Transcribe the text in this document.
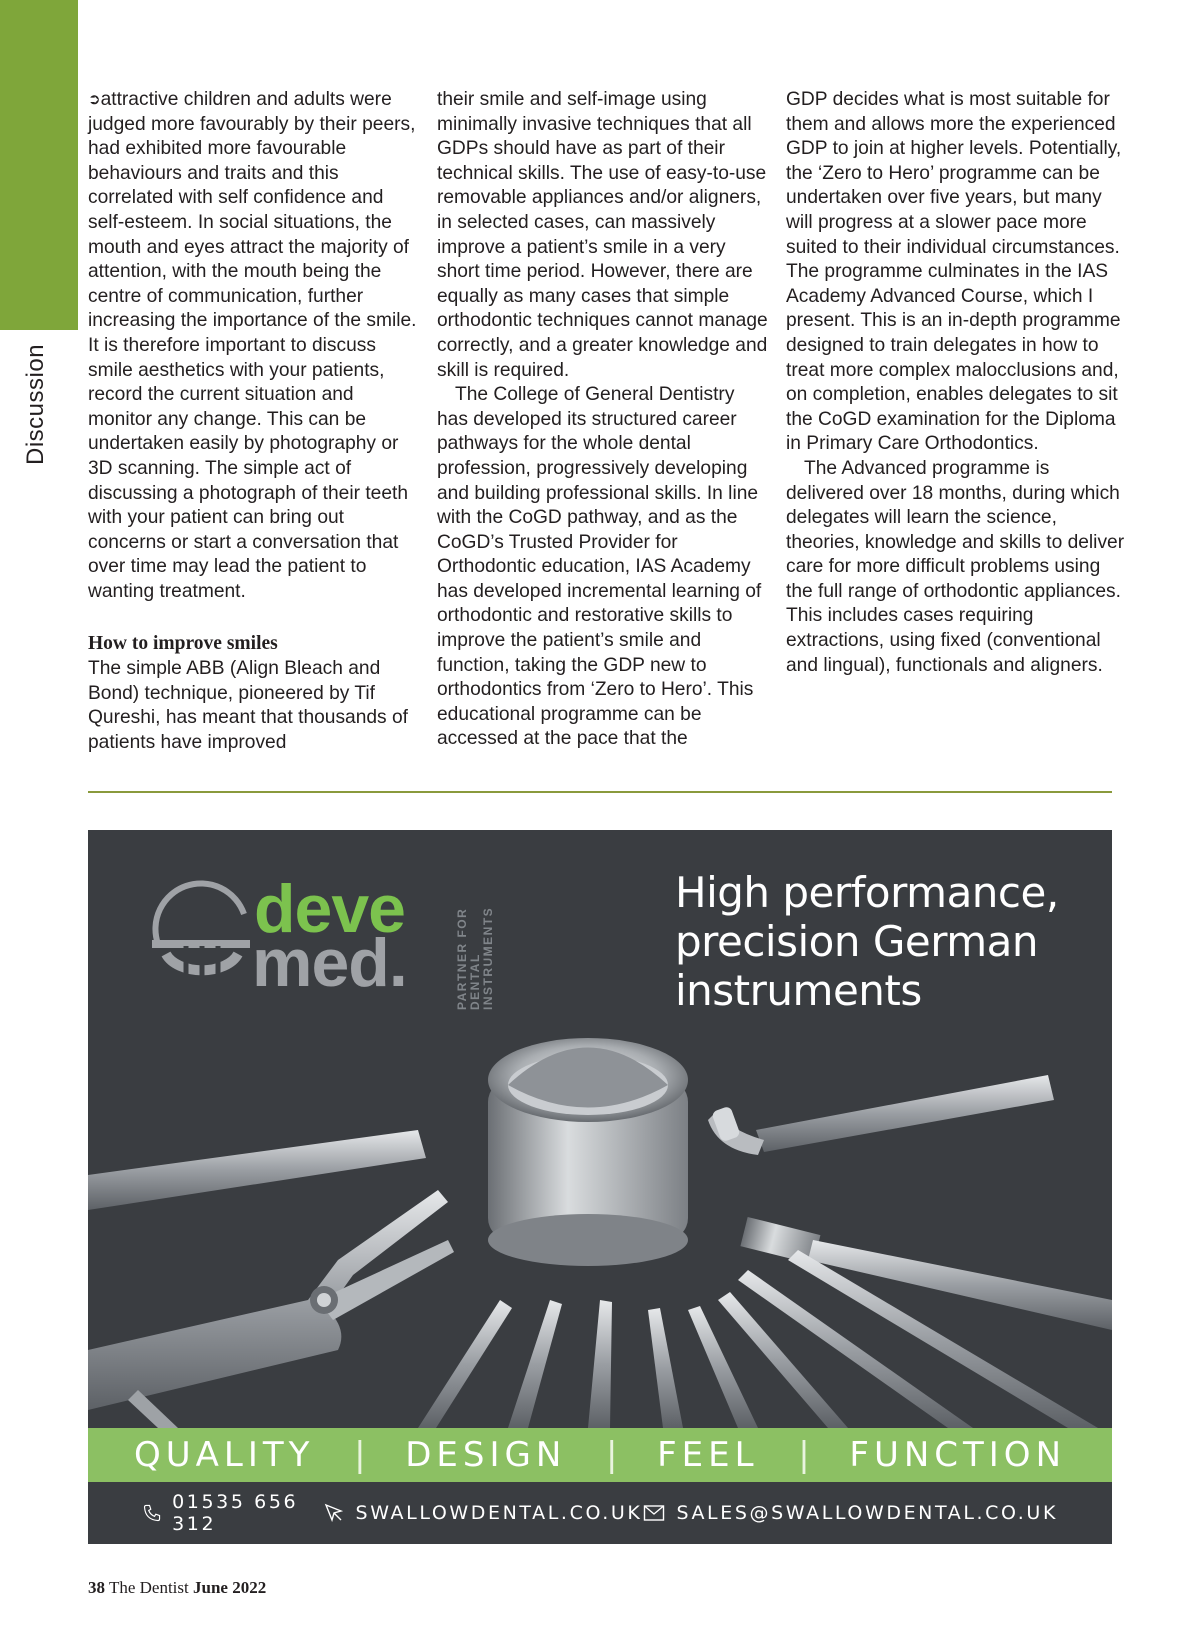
Discussion

➲attractive children and adults were judged more favourably by their peers, had exhibited more favourable behaviours and traits and this correlated with self confidence and self-esteem. In social situations, the mouth and eyes attract the majority of attention, with the mouth being the centre of communication, further increasing the importance of the smile. It is therefore important to discuss smile aesthetics with your patients, record the current situation and monitor any change. This can be undertaken easily by photography or 3D scanning. The simple act of discussing a photograph of their teeth with your patient can bring out concerns or start a conversation that over time may lead the patient to wanting treatment.

How to improve smiles

The simple ABB (Align Bleach and Bond) technique, pioneered by Tif Qureshi, has meant that thousands of patients have improved

their smile and self-image using minimally invasive techniques that all GDPs should have as part of their technical skills. The use of easy-to-use removable appliances and/or aligners, in selected cases, can massively improve a patient’s smile in a very short time period. However, there are equally as many cases that simple orthodontic techniques cannot manage correctly, and a greater knowledge and skill is required.

The College of General Dentistry has developed its structured career pathways for the whole dental profession, progressively developing and building professional skills. In line with the CoGD pathway, and as the CoGD’s Trusted Provider for Orthodontic education, IAS Academy has developed incremental learning of orthodontic and restorative skills to improve the patient’s smile and function, taking the GDP new to orthodontics from ‘Zero to Hero’. This educational programme can be accessed at the pace that the

GDP decides what is most suitable for them and allows more the experienced GDP to join at higher levels. Potentially, the ‘Zero to Hero’ programme can be undertaken over five years, but many will progress at a slower pace more suited to their individual circumstances. The programme culminates in the IAS Academy Advanced Course, which I present. This is an in-depth programme designed to train delegates in how to treat more complex malocclusions and, on completion, enables delegates to sit the CoGD examination for the Diploma in Primary Care Orthodontics.

The Advanced programme is delivered over 18 months, during which delegates will learn the science, theories, knowledge and skills to deliver care for more difficult problems using the full range of orthodontic appliances. This includes cases requiring extractions, using fixed (conventional and lingual), functionals and aligners.

deve
med.	PARTNER FOR DENTAL INSTRUMENTS
High performance, precision German instruments
QUALITY | DESIGN | FEEL | FUNCTION
01535 656 312	SWALLOWDENTAL.CO.UK SALES@SWALLOWDENTAL.CO.UK
38 The Dentist June 2022
